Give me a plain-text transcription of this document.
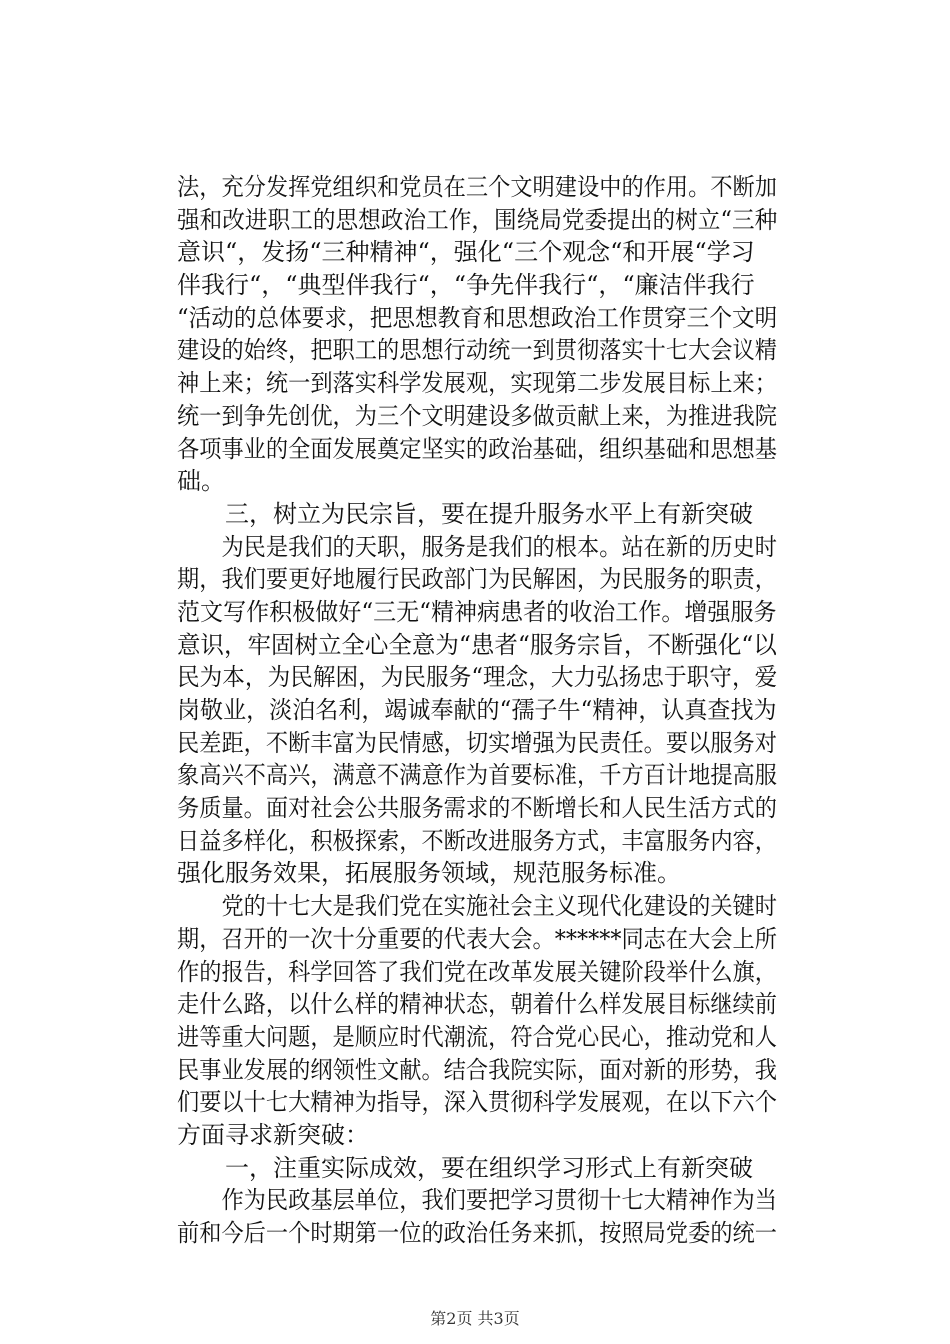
法，充分发挥党组织和党员在三个文明建设中的作用。不断加
强和改进职工的思想政治工作，围绕局党委提出的树立“三种
意识“，发扬“三种精神“，强化“三个观念“和开展“学习
伴我行“，“典型伴我行“，“争先伴我行“，“廉洁伴我行
“活动的总体要求，把思想教育和思想政治工作贯穿三个文明
建设的始终，把职工的思想行动统一到贯彻落实十七大会议精
神上来；统一到落实科学发展观，实现第二步发展目标上来；
统一到争先创优，为三个文明建设多做贡献上来，为推进我院
各项事业的全面发展奠定坚实的政治基础，组织基础和思想基
础。
　　三，树立为民宗旨，要在提升服务水平上有新突破
　　为民是我们的天职，服务是我们的根本。站在新的历史时
期，我们要更好地履行民政部门为民解困，为民服务的职责，
范文写作积极做好“三无“精神病患者的收治工作。增强服务
意识，牢固树立全心全意为“患者“服务宗旨，不断强化“以
民为本，为民解困，为民服务“理念，大力弘扬忠于职守，爱
岗敬业，淡泊名利，竭诚奉献的“孺子牛“精神，认真查找为
民差距，不断丰富为民情感，切实增强为民责任。要以服务对
象高兴不高兴，满意不满意作为首要标准，千方百计地提高服
务质量。面对社会公共服务需求的不断增长和人民生活方式的
日益多样化，积极探索，不断改进服务方式，丰富服务内容，
强化服务效果，拓展服务领域，规范服务标准。
　　党的十七大是我们党在实施社会主义现代化建设的关键时
期，召开的一次十分重要的代表大会。******同志在大会上所
作的报告，科学回答了我们党在改革发展关键阶段举什么旗，
走什么路，以什么样的精神状态，朝着什么样发展目标继续前
进等重大问题，是顺应时代潮流，符合党心民心，推动党和人
民事业发展的纲领性文献。结合我院实际，面对新的形势，我
们要以十七大精神为指导，深入贯彻科学发展观，在以下六个
方面寻求新突破：
　　一，注重实际成效，要在组织学习形式上有新突破
　　作为民政基层单位，我们要把学习贯彻十七大精神作为当
前和今后一个时期第一位的政治任务来抓，按照局党委的统一
第2页 共3页
